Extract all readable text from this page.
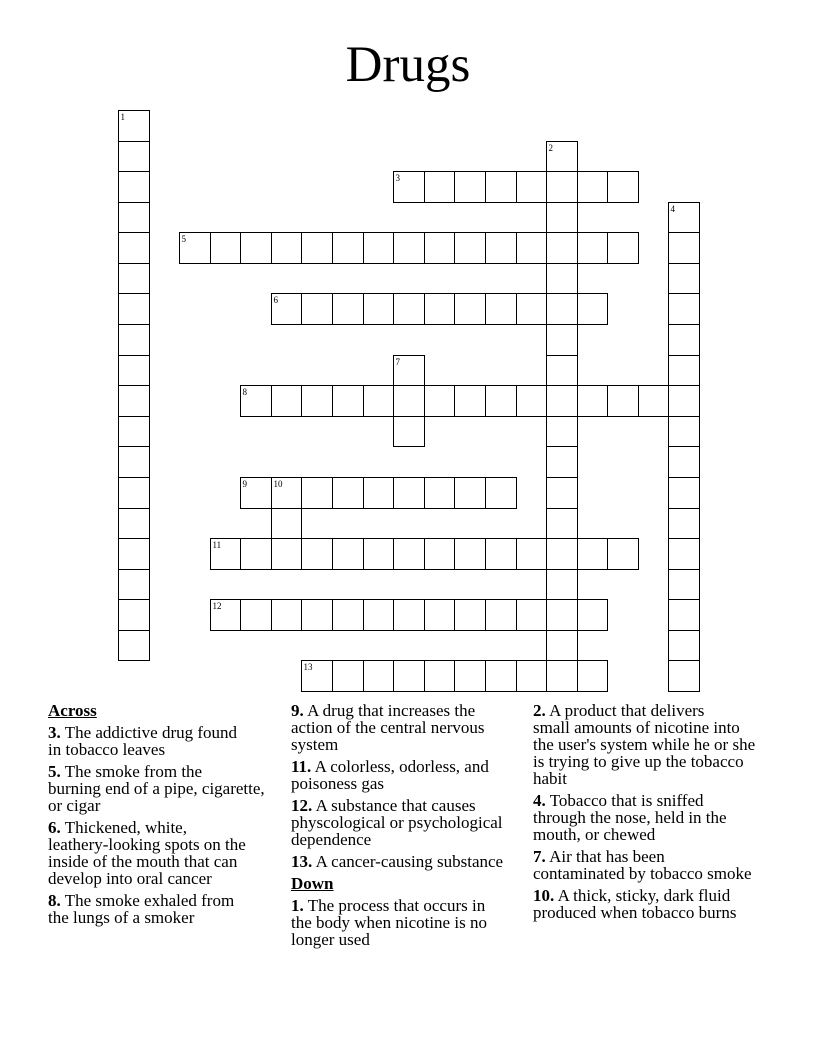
Drugs
1
2
3
4
5
6
7
8
9	10
11
12
13
Across
3. The addictive drug found
in tobacco leaves
5. The smoke from the
burning end of a pipe, cigarette,
or cigar
6. Thickened, white,
leathery-looking spots on the
inside of the mouth that can
develop into oral cancer
8. The smoke exhaled from
the lungs of a smoker
9. A drug that increases the
action of the central nervous
system
11. A colorless, odorless, and
poisoness gas
12. A substance that causes
physcological or psychological
dependence
13. A cancer-causing substance
Down
1. The process that occurs in
the body when nicotine is no
longer used
2. A product that delivers
small amounts of nicotine into
the user's system while he or she
is trying to give up the tobacco
habit
4. Tobacco that is sniffed
through the nose, held in the
mouth, or chewed
7. Air that has been
contaminated by tobacco smoke
10. A thick, sticky, dark fluid
produced when tobacco burns
